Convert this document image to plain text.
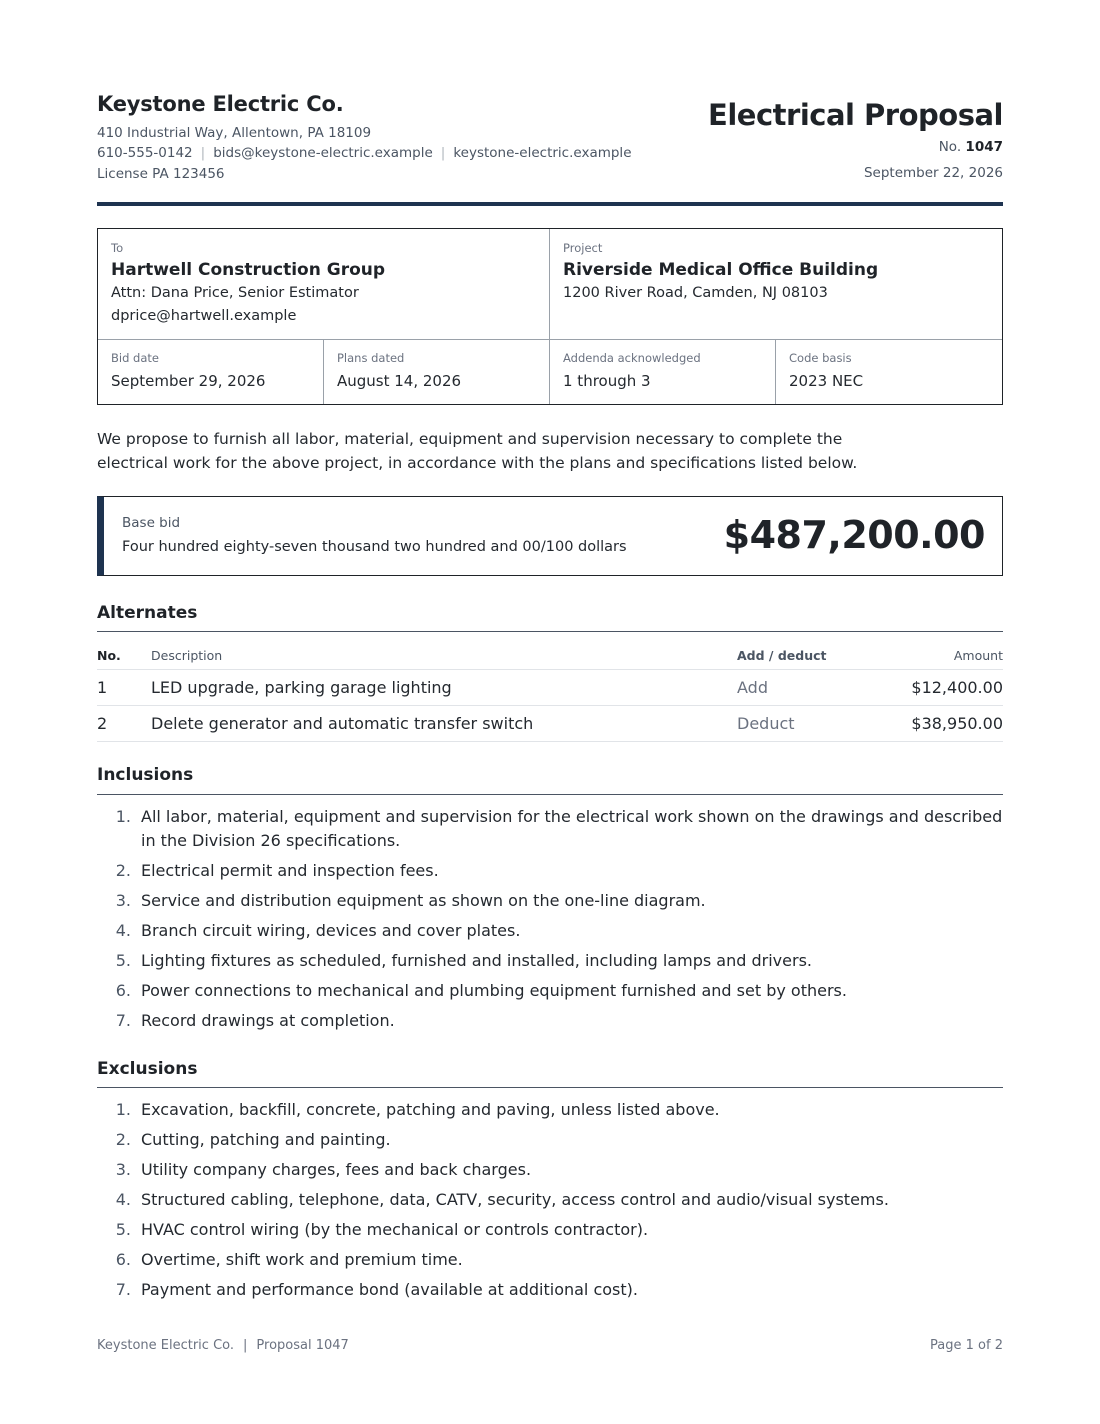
Keystone Electric Co.
410 Industrial Way, Allentown, PA 18109
610-555-0142 | bids@keystone-electric.example | keystone-electric.example
License PA 123456
Electrical Proposal
No. 1047
September 22, 2026
To
Hartwell Construction Group
Attn: Dana Price, Senior Estimator
dprice@hartwell.example
Project
Riverside Medical Office Building
1200 River Road, Camden, NJ 08103
Bid date
September 29, 2026
Plans dated
August 14, 2026
Addenda acknowledged
1 through 3
Code basis
2023 NEC

We propose to furnish all labor, material, equipment and supervision necessary to complete the electrical work for the above project, in accordance with the plans and specifications listed below.

Base bid
Four hundred eighty-seven thousand two hundred and 00/100 dollars	$487,200.00
Alternates
No. Description	Add / deduct	Amount
1	LED upgrade, parking garage lighting	Add	$12,400.00
2	Delete generator and automatic transfer switch	Deduct	$38,950.00
Inclusions
1. All labor, material, equipment and supervision for the electrical work shown on the drawings and described in the Division 26 specifications.
2. Electrical permit and inspection fees.
3. Service and distribution equipment as shown on the one-line diagram.
4. Branch circuit wiring, devices and cover plates.
5. Lighting fixtures as scheduled, furnished and installed, including lamps and drivers.
6. Power connections to mechanical and plumbing equipment furnished and set by others.
7. Record drawings at completion.
Exclusions
1. Excavation, backfill, concrete, patching and paving, unless listed above.
2. Cutting, patching and painting.
3. Utility company charges, fees and back charges.
4. Structured cabling, telephone, data, CATV, security, access control and audio/visual systems.
5. HVAC control wiring (by the mechanical or controls contractor).
6. Overtime, shift work and premium time.
7. Payment and performance bond (available at additional cost).
Keystone Electric Co. | Proposal 1047	Page 1 of 2
